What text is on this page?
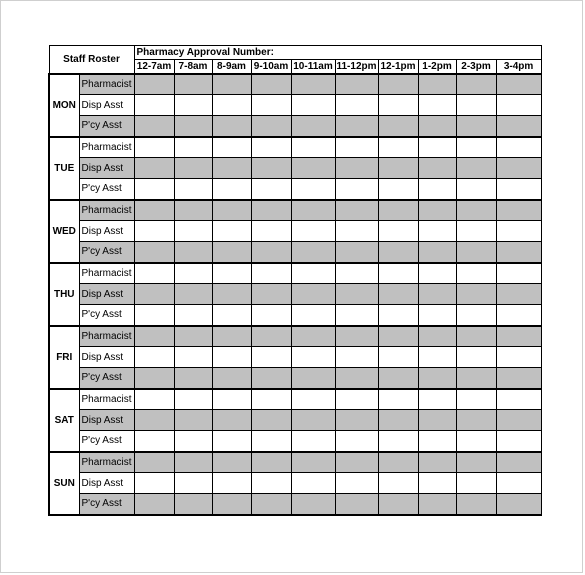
Staff Roster		Pharmacy Approval Number:									
		12-7am	7-8am	8-9am	9-10am	10-11am	11-12pm	12-1pm	1-2pm	2-3pm	3-4pm
MON	Pharmacist										
	Disp Asst										
	P'cy Asst										
TUE	Pharmacist										
	Disp Asst										
	P'cy Asst										
WED	Pharmacist										
	Disp Asst										
	P'cy Asst										
THU	Pharmacist										
	Disp Asst										
	P'cy Asst										
FRI	Pharmacist										
	Disp Asst										
	P'cy Asst										
SAT	Pharmacist										
	Disp Asst										
	P'cy Asst										
SUN	Pharmacist										
	Disp Asst										
	P'cy Asst										
